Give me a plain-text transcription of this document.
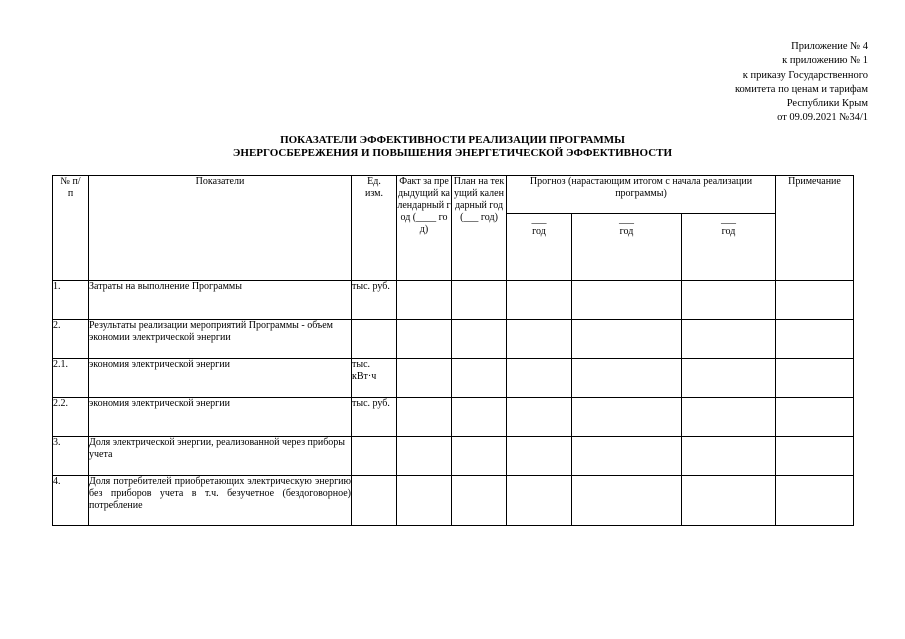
Приложение № 4
к приложению № 1
к приказу Государственного
комитета по ценам и тарифам
Республики Крым
от 09.09.2021 №34/1
ПОКАЗАТЕЛИ ЭФФЕКТИВНОСТИ РЕАЛИЗАЦИИ ПРОГРАММЫ
ЭНЕРГОСБЕРЕЖЕНИЯ И ПОВЫШЕНИЯ ЭНЕРГЕТИЧЕСКОЙ ЭФФЕКТИВНОСТИ
№ п/п	Показатели	Ед. изм.	Факт за предыдущий календарный год (____ год)	План на текущий календарный год (___ год)	Прогноз (нарастающим итогом с начала реализации программы)			Примечание

					___ год	___ год	___ год	

1.	Затраты на выполнение Программы	тыс. руб.						
2.	Результаты реализации мероприятий Программы - объем экономии электрической энергии							
2.1.	экономия электрической энергии	тыс. кВт·ч						
2.2.	экономия электрической энергии	тыс. руб.						
3.	Доля электрической энергии, реализованной через приборы учета							
4.	Доля потребителей приобретающих электрическую энергию без приборов учета в т.ч. безучетное (бездоговорное) потребление							
